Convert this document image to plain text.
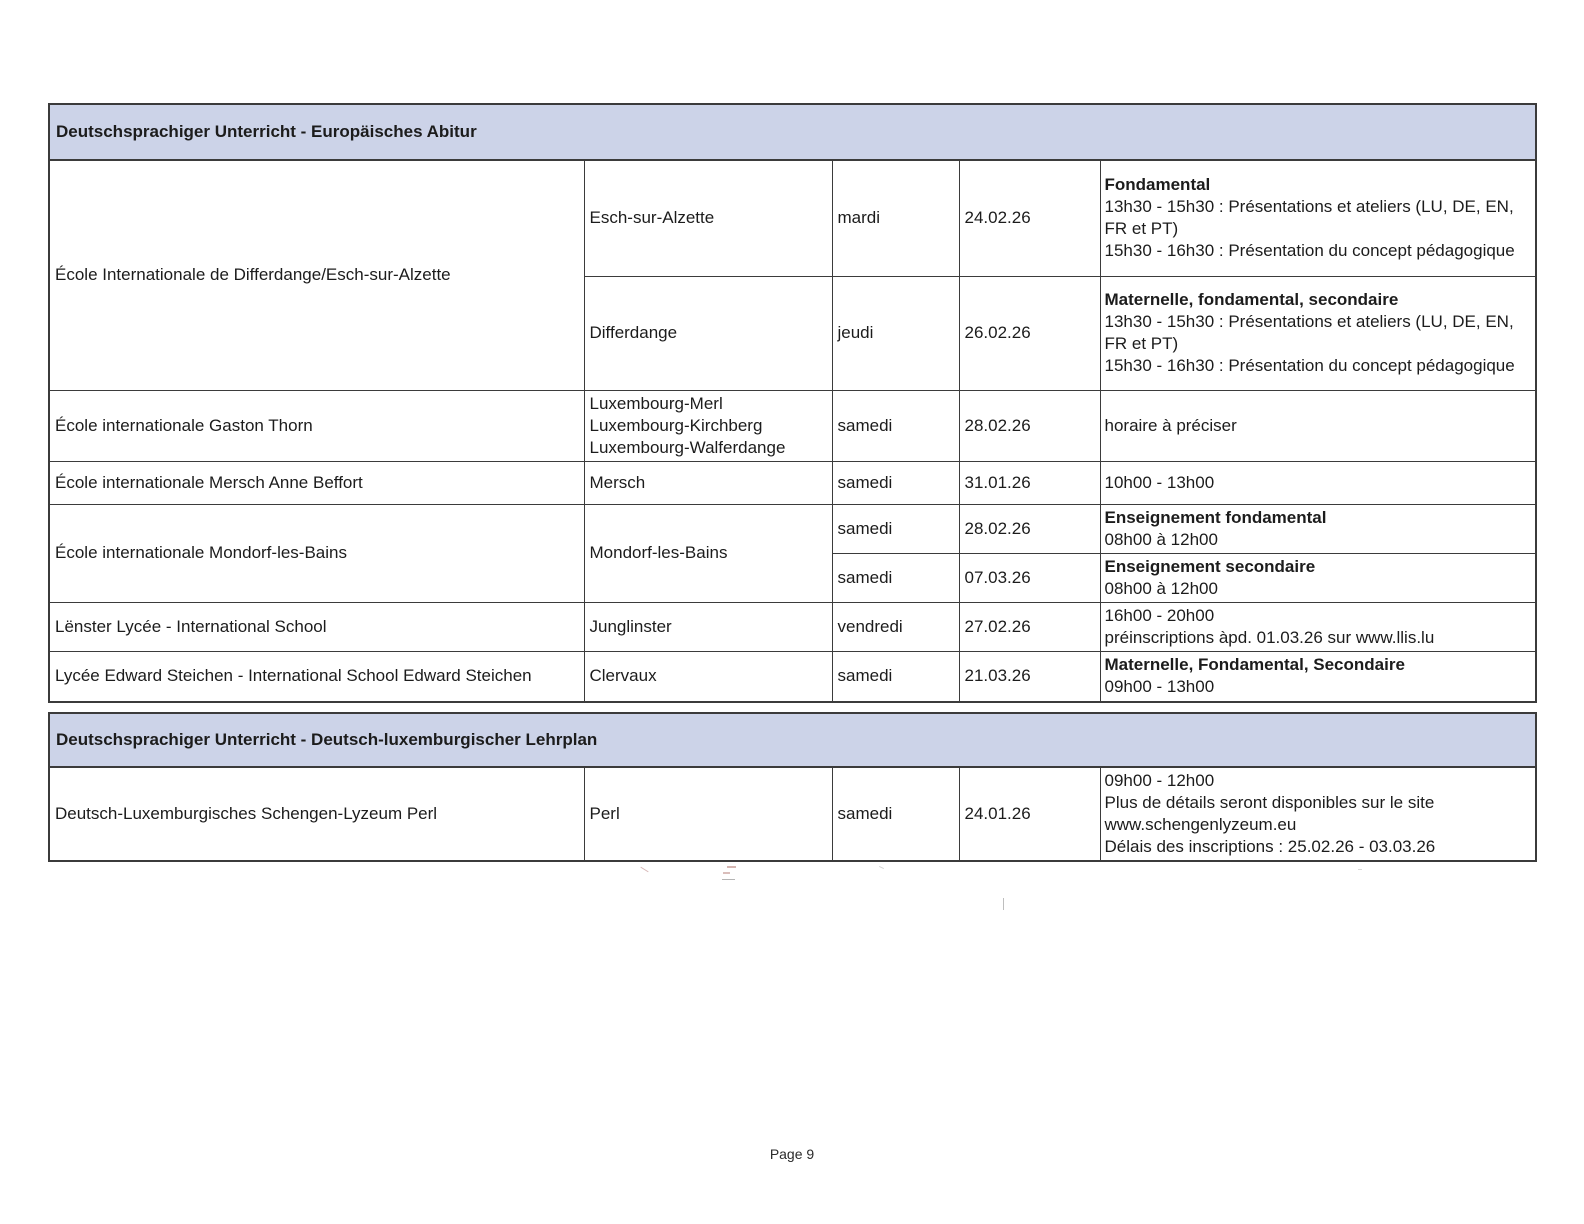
Deutschsprachiger Unterricht - Europäisches Abitur				
École Internationale de Differdange/Esch-sur-Alzette	Esch-sur-Alzette	mardi	24.02.26	Fondamental
13h30 - 15h30 : Présentations et ateliers (LU, DE, EN, FR et PT)
15h30 - 16h30 : Présentation du concept pédagogique

	Differdange	jeudi	26.02.26	Maternelle, fondamental, secondaire
13h30 - 15h30 : Présentations et ateliers (LU, DE, EN, FR et PT)
15h30 - 16h30 : Présentation du concept pédagogique

École internationale Gaston Thorn	Luxembourg-Merl
Luxembourg-Kirchberg
Luxembourg-Walferdange	samedi	28.02.26	horaire à préciser

École internationale Mersch Anne Beffort	Mersch	samedi	31.01.26	10h00 - 13h00

École internationale Mondorf-les-Bains	Mondorf-les-Bains	samedi	28.02.26	Enseignement fondamental
08h00 à 12h00

		samedi	07.03.26	Enseignement secondaire
08h00 à 12h00

Lënster Lycée - International School	Junglinster	vendredi	27.02.26	16h00 - 20h00
préinscriptions àpd. 01.03.26 sur www.llis.lu

Lycée Edward Steichen - International School Edward Steichen	Clervaux	samedi	21.03.26	Maternelle, Fondamental, Secondaire
09h00 - 13h00
Deutschsprachiger Unterricht - Deutsch-luxemburgischer Lehrplan
Deutsch-Luxemburgisches Schengen-Lyzeum Perl	Perl	samedi	24.01.26	
09h00 - 12h00
Plus de détails seront disponibles sur le site www.schengenlyzeum.eu
Délais des inscriptions : 25.02.26 - 03.03.26
Page 9
